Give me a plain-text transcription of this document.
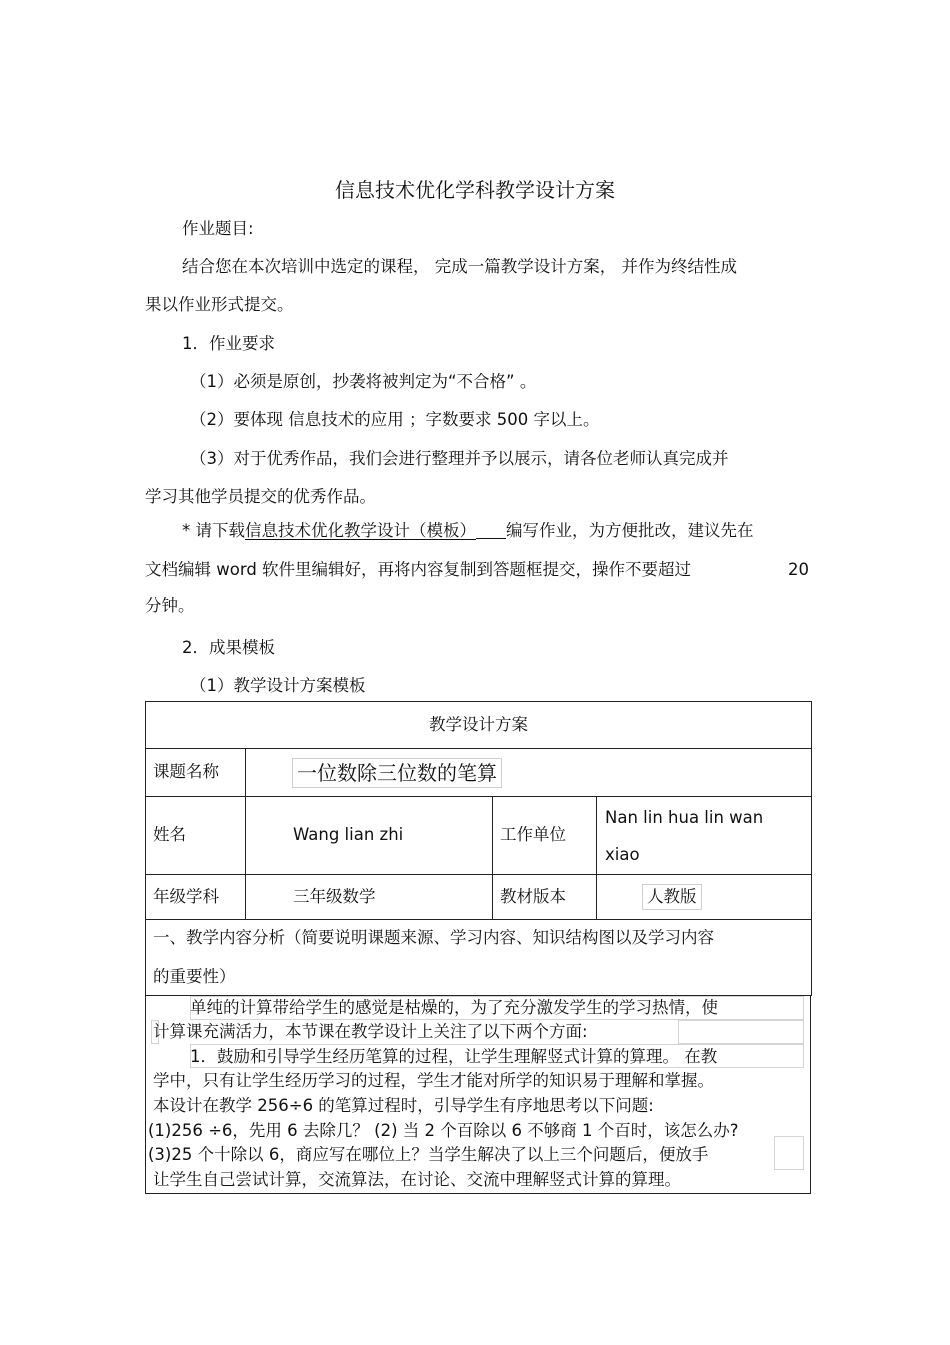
信息技术优化学科教学设计方案
作业题目:
结合您在本次培训中选定的课程， 完成一篇教学设计方案， 并作为终结性成
果以作业形式提交。
1．作业要求
（1）必须是原创，抄袭将被判定为“不合格” 。
（2）要体现 信息技术的应用 ；字数要求 500 字以上。
（3）对于优秀作品，我们会进行整理并予以展示，请各位老师认真完成并
学习其他学员提交的优秀作品。
* 请下载信息技术优化教学设计（模板） 编写作业，为方便批改，建议先在
文档编辑 word 软件里编辑好，再将内容复制到答题框提交，操作不要超过	20
分钟。
2．成果模板
（1）教学设计方案模板
教学设计方案			
课题名称	一位数除三位数的笔算		
姓名	Wang lian zhi	工作单位	Nan lin hua lin wan
xiao

年级学科	三年级数学	教材版本	人教版

一、教学内容分析（简要说明课题来源、学习内容、知识结构图以及学习内容
的重要性）			
单纯的计算带给学生的感觉是枯燥的，为了充分激发学生的学习热情，使
计算课充满活力，本节课在教学设计上关注了以下两个方面:
1．鼓励和引导学生经历笔算的过程，让学生理解竖式计算的算理。 在教
学中，只有让学生经历学习的过程，学生才能对所学的知识易于理解和掌握。
本设计在教学 256÷6 的笔算过程时，引导学生有序地思考以下问题:
(1)256 ÷6，先用 6 去除几？ (2) 当 2 个百除以 6 不够商 1 个百时，该怎么办?
(3)25 个十除以 6，商应写在哪位上？当学生解决了以上三个问题后，便放手
让学生自己尝试计算，交流算法，在讨论、交流中理解竖式计算的算理。
